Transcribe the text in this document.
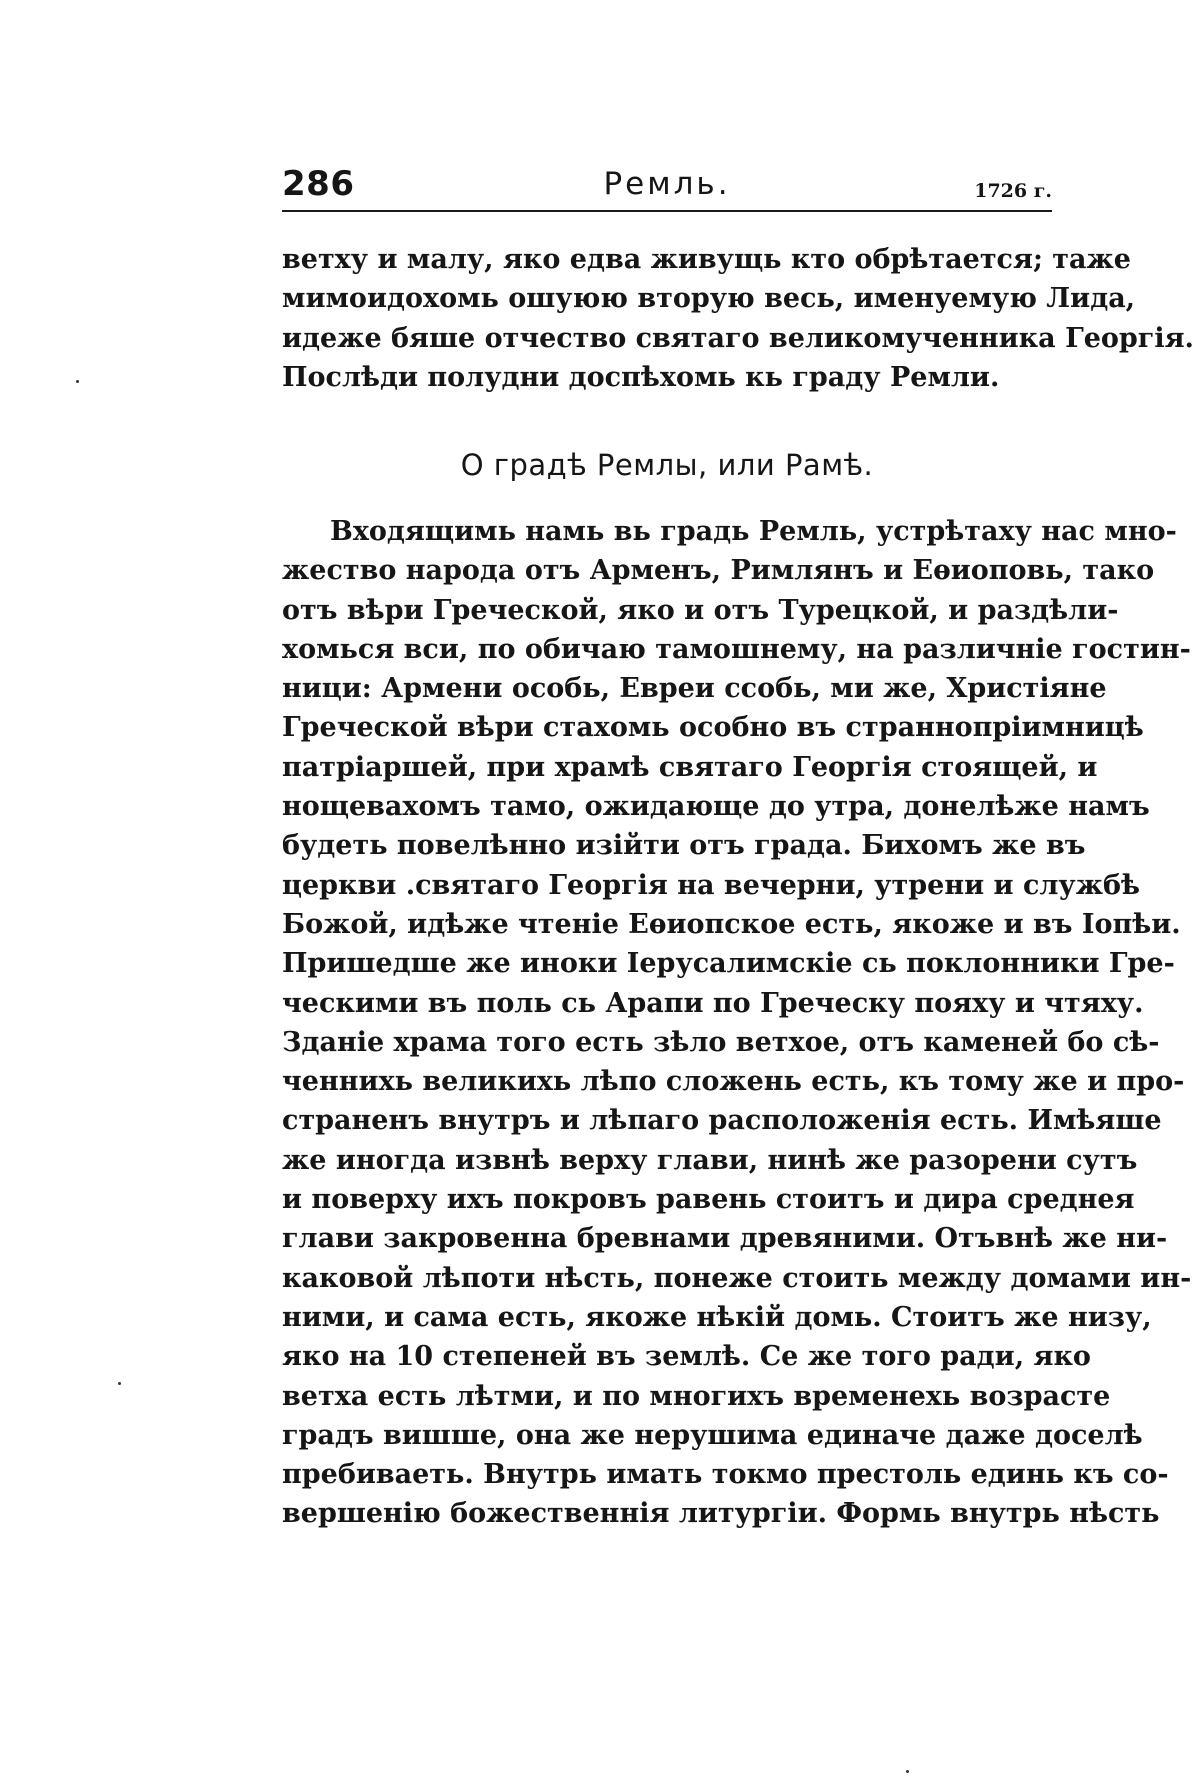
286	Ремль.	1726 г.
ветху и малу, яко едва живущь кто обрѣтается; таже
мимоидохомь ошуюю вторую весь, именуемую Лида,
идеже бяше отчество святаго великомученника Георгія.
Послѣди полудни доспѣхомь кь граду Ремли.
О градѣ Ремлы, или Рамѣ.
Входящимь намь вь градь Ремль, устрѣтаху нас мно-
жество народа отъ Арменъ, Римлянъ и Еѳиоповь, тако
отъ вѣри Греческой, яко и отъ Турецкой, и раздѣли-
хомься вси, по обичаю тамошнему, на различніе гостин-
ници: Армени особь, Евреи ссобь, ми же, Христіяне
Греческой вѣри стахомь особно въ страннопріимницѣ
патріаршей, при храмѣ святаго Георгія стоящей, и
нощевахомъ тамо, ожидающе до утра, донелѣже намъ
будеть повелѣнно изійти отъ града. Бихомъ же въ
церкви .святаго Георгія на вечерни, утрени и службѣ
Божой, идѣже чтеніе Еѳиопское есть, якоже и въ Іопѣи.
Пришедше же иноки Іерусалимскіе сь поклонники Гре-
ческими въ поль сь Арапи по Греческу пояху и чтяху.
Зданіе храма того есть зѣло ветхое, отъ каменей бо сѣ-
ченнихь великихь лѣпо сложень есть, къ тому же и про-
страненъ внутръ и лѣпаго расположенія есть. Имѣяше
же иногда извнѣ верху глави, нинѣ же разорени сутъ
и поверху ихъ покровъ равень стоитъ и дира среднея
глави закровенна бревнами древяними. Отъвнѣ же ни-
каковой лѣпоти нѣсть, понеже стоить между домами ин-
ними, и сама есть, якоже нѣкій домь. Стоитъ же низу,
яко на 10 степеней въ землѣ. Се же того ради, яко
ветха есть лѣтми, и по многихъ временехь возрасте
градъ вишше, она же нерушима единаче даже доселѣ
пребиваеть. Внутрь имать токмо престоль единь къ со-
вершенію божественнія литургіи. Формь внутрь нѣсть
